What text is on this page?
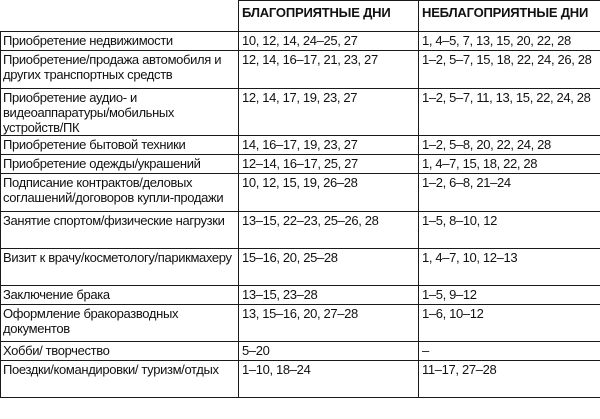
	БЛАГОПРИЯТНЫЕ ДНИ	НЕБЛАГОПРИЯТНЫЕ ДНИ
Приобретение недвижимости	10, 12, 14, 24–25, 27	1, 4–5, 7, 13, 15, 20, 22, 28
Приобретение/продажа автомобиля и других транспортных средств	12, 14, 16–17, 21, 23, 27	1–2, 5–7, 15, 18, 22, 24, 26, 28
Приобретение аудио- и видеоаппаратуры/мобильных устройств/ПК	12, 14, 17, 19, 23, 27	1–2, 5–7, 11, 13, 15, 22, 24, 28
Приобретение бытовой техники	14, 16–17, 19, 23, 27	1–2, 5–8, 20, 22, 24, 28
Приобретение одежды/украшений	12–14, 16–17, 25, 27	1, 4–7, 15, 18, 22, 28
Подписание контрактов/деловых соглашений/договоров купли-продажи	10, 12, 15, 19, 26–28	1–2, 6–8, 21–24
Занятие спортом/физические нагрузки	13–15, 22–23, 25–26, 28	1–5, 8–10, 12
Визит к врачу/косметологу/парикмахеру	15–16, 20, 25–28	1, 4–7, 10, 12–13
Заключение брака	13–15, 23–28	1–5, 9–12
Оформление бракоразводных документов	13, 15–16, 20, 27–28	1–6, 10–12
Хобби/ творчество	5–20	–
Поездки/командировки/ туризм/отдых	1–10, 18–24	11–17, 27–28
